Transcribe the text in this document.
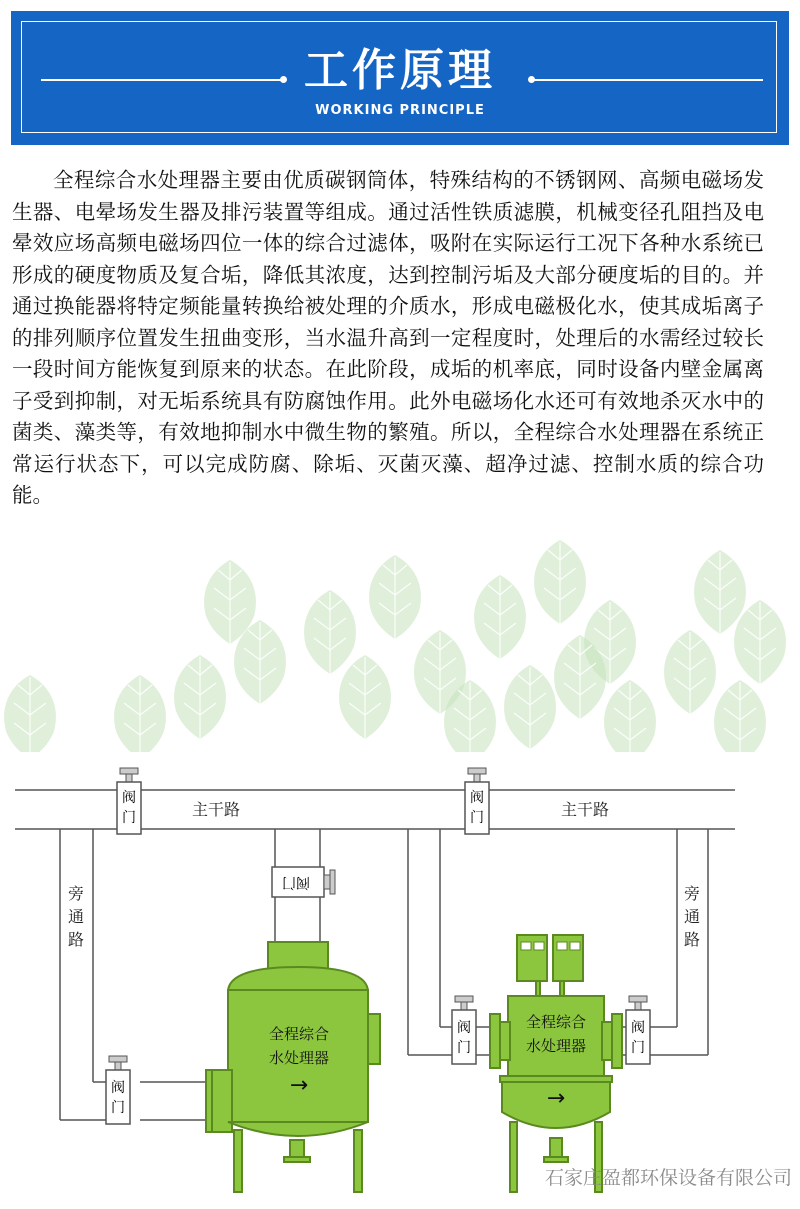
工作原理
WORKING PRINCIPLE

全程综合水处理器主要由优质碳钢筒体，特殊结构的不锈钢网、高频电磁场发生器、电晕场发生器及排污装置等组成。通过活性铁质滤膜，机械变径孔阻挡及电晕效应场高频电磁场四位一体的综合过滤体，吸附在实际运行工况下各种水系统已形成的硬度物质及复合垢，降低其浓度，达到控制污垢及大部分硬度垢的目的。并通过换能器将特定频能量转换给被处理的介质水，形成电磁极化水，使其成垢离子的排列顺序位置发生扭曲变形，当水温升高到一定程度时，处理后的水需经过较长一段时间方能恢复到原来的状态。在此阶段，成垢的机率底，同时设备内壁金属离子受到抑制，对无垢系统具有防腐蚀作用。此外电磁场化水还可有效地杀灭水中的菌类、藻类等，有效地抑制水中微生物的繁殖。所以，全程综合水处理器在系统正常运行状态下，可以完成防腐、除垢、灭菌灭藻、超净过滤、控制水质的综合功能。

主干路	主干路
旁
通
路
阀
门
阀门
阀
门
全程综合
水处理器
→
旁
通
路
阀
门
阀
门
阀
门
全程综合
水处理器
→
石家庄盈都环保设备有限公司
